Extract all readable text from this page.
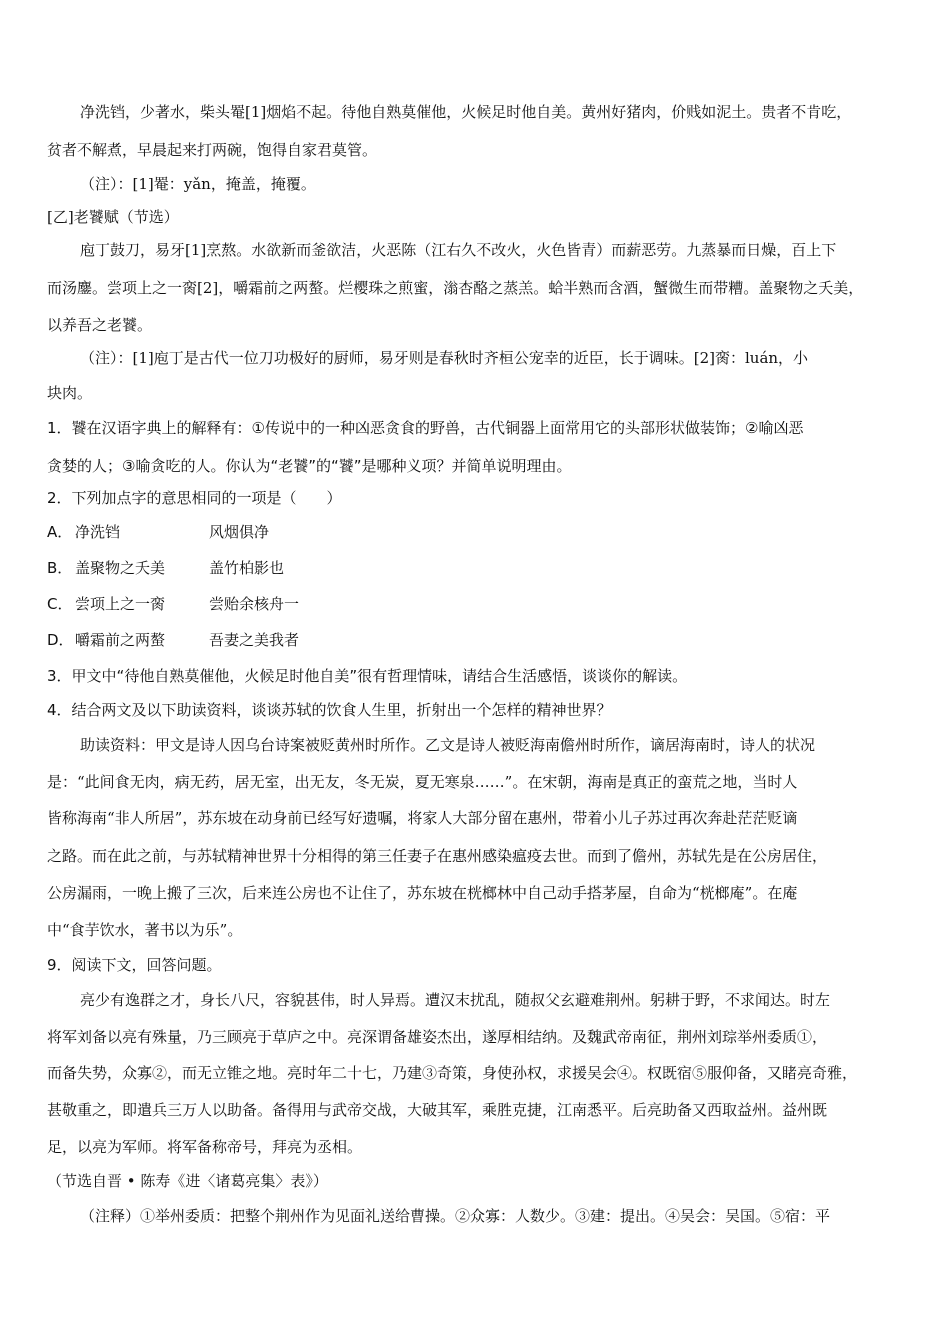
净洗铛，少著水，柴头罨[1]烟焰不起。待他自熟莫催他，火候足时他自美。黄州好猪肉，价贱如泥土。贵者不肯吃，
贫者不解煮，早晨起来打两碗，饱得自家君莫管。
（注）：[1]罨：yǎn，掩盖，掩覆。
[乙]老饕赋（节选）
庖丁鼓刀，易牙[1]烹熬。水欲新而釜欲洁，火恶陈（江右久不改火，火色皆青）而薪恶劳。九蒸暴而日燥，百上下
而汤鏖。尝项上之一脔[2]，嚼霜前之两螯。烂樱珠之煎蜜，滃杏酪之蒸羔。蛤半熟而含酒，蟹微生而带糟。盖聚物之夭美，
以养吾之老饕。
（注）：[1]庖丁是古代一位刀功极好的厨师，易牙则是春秋时齐桓公宠幸的近臣，长于调味。[2]脔：luán，小
块肉。
1．饕在汉语字典上的解释有：①传说中的一种凶恶贪食的野兽，古代铜器上面常用它的头部形状做装饰；②喻凶恶
贪婪的人；③喻贪吃的人。你认为“老饕”的“饕”是哪种义项？并简单说明理由。
2．下列加点字的意思相同的一项是（　　）
A． 净洗铛	风烟俱净
B． 盖聚物之夭美	盖竹柏影也
C． 尝项上之一脔	尝贻余核舟一
D．嚼霜前之两螯	吾妻之美我者
3．甲文中“待他自熟莫催他，火候足时他自美”很有哲理情味，请结合生活感悟，谈谈你的解读。
4．结合两文及以下助读资料，谈谈苏轼的饮食人生里，折射出一个怎样的精神世界？
助读资料：甲文是诗人因乌台诗案被贬黄州时所作。乙文是诗人被贬海南儋州时所作，谪居海南时，诗人的状况
是：“此间食无肉，病无药，居无室，出无友，冬无炭，夏无寒泉……”。在宋朝，海南是真正的蛮荒之地，当时人
皆称海南“非人所居”，苏东坡在动身前已经写好遗嘱，将家人大部分留在惠州，带着小儿子苏过再次奔赴茫茫贬谪
之路。而在此之前，与苏轼精神世界十分相得的第三任妻子在惠州感染瘟疫去世。而到了儋州，苏轼先是在公房居住，
公房漏雨，一晚上搬了三次，后来连公房也不让住了，苏东坡在桄榔林中自己动手搭茅屋，自命为“桄榔庵”。在庵
中“食芋饮水，著书以为乐”。
9．阅读下文，回答问题。
亮少有逸群之才，身长八尺，容貌甚伟，时人异焉。遭汉末扰乱，随叔父玄避难荆州。躬耕于野，不求闻达。时左
将军刘备以亮有殊量，乃三顾亮于草庐之中。亮深谓备雄姿杰出，遂厚相结纳。及魏武帝南征，荆州刘琮举州委质①，
而备失势，众寡②，而无立锥之地。亮时年二十七，乃建③奇策，身使孙权，求援吴会④。权既宿⑤服仰备，又睹亮奇雅，
甚敬重之，即遣兵三万人以助备。备得用与武帝交战，大破其军，乘胜克捷，江南悉平。后亮助备又西取益州。益州既
足，以亮为军师。将军备称帝号，拜亮为丞相。
（节选自晋 • 陈寿《进〈诸葛亮集〉表》）
（注释）①举州委质：把整个荆州作为见面礼送给曹操。②众寡：人数少。③建：提出。④吴会：吴国。⑤宿：平
